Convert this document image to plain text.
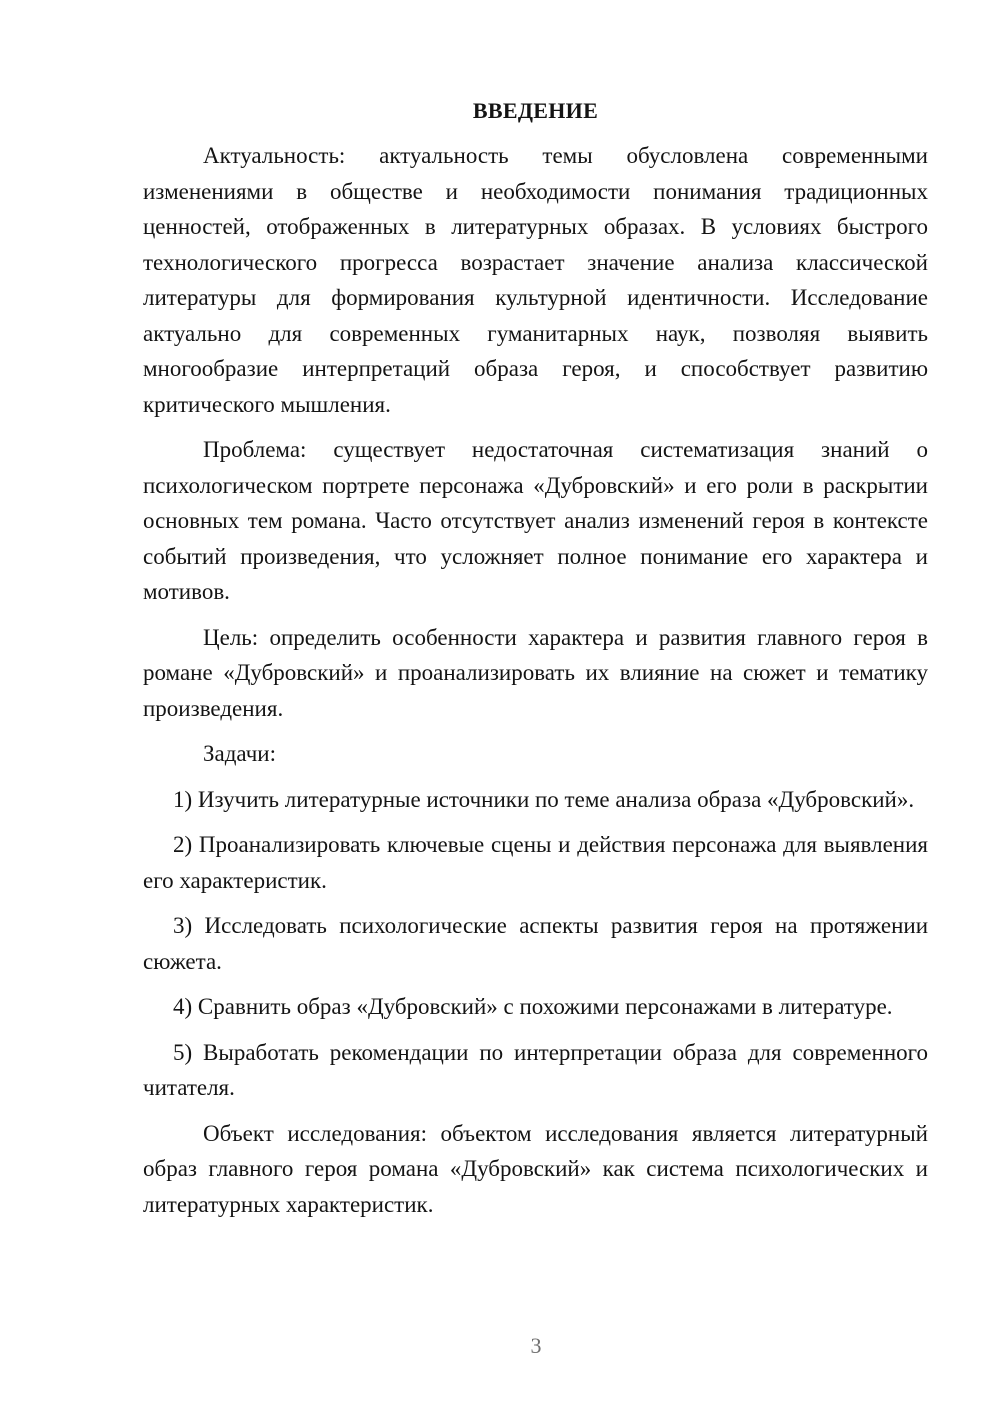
ВВЕДЕНИЕ

Актуальность: актуальность темы обусловлена современными изменениями в обществе и необходимости понимания традиционных ценностей, отображенных в литературных образах. В условиях быстрого технологического прогресса возрастает значение анализа классической литературы для формирования культурной идентичности. Исследование актуально для современных гуманитарных наук, позволяя выявить многообразие интерпретаций образа героя, и способствует развитию критического мышления.

Проблема: существует недостаточная систематизация знаний о психологическом портрете персонажа «Дубровский» и его роли в раскрытии основных тем романа. Часто отсутствует анализ изменений героя в контексте событий произведения, что усложняет полное понимание его характера и мотивов.

Цель: определить особенности характера и развития главного героя в романе «Дубровский» и проанализировать их влияние на сюжет и тематику произведения.

Задачи:

1) Изучить литературные источники по теме анализа образа «Дубровский».

2) Проанализировать ключевые сцены и действия персонажа для выявления его характеристик.

3) Исследовать психологические аспекты развития героя на протяжении сюжета.

4) Сравнить образ «Дубровский» с похожими персонажами в литературе.

5) Выработать рекомендации по интерпретации образа для современного читателя.

Объект исследования: объектом исследования является литературный образ главного героя романа «Дубровский» как система психологических и литературных характеристик.

3
